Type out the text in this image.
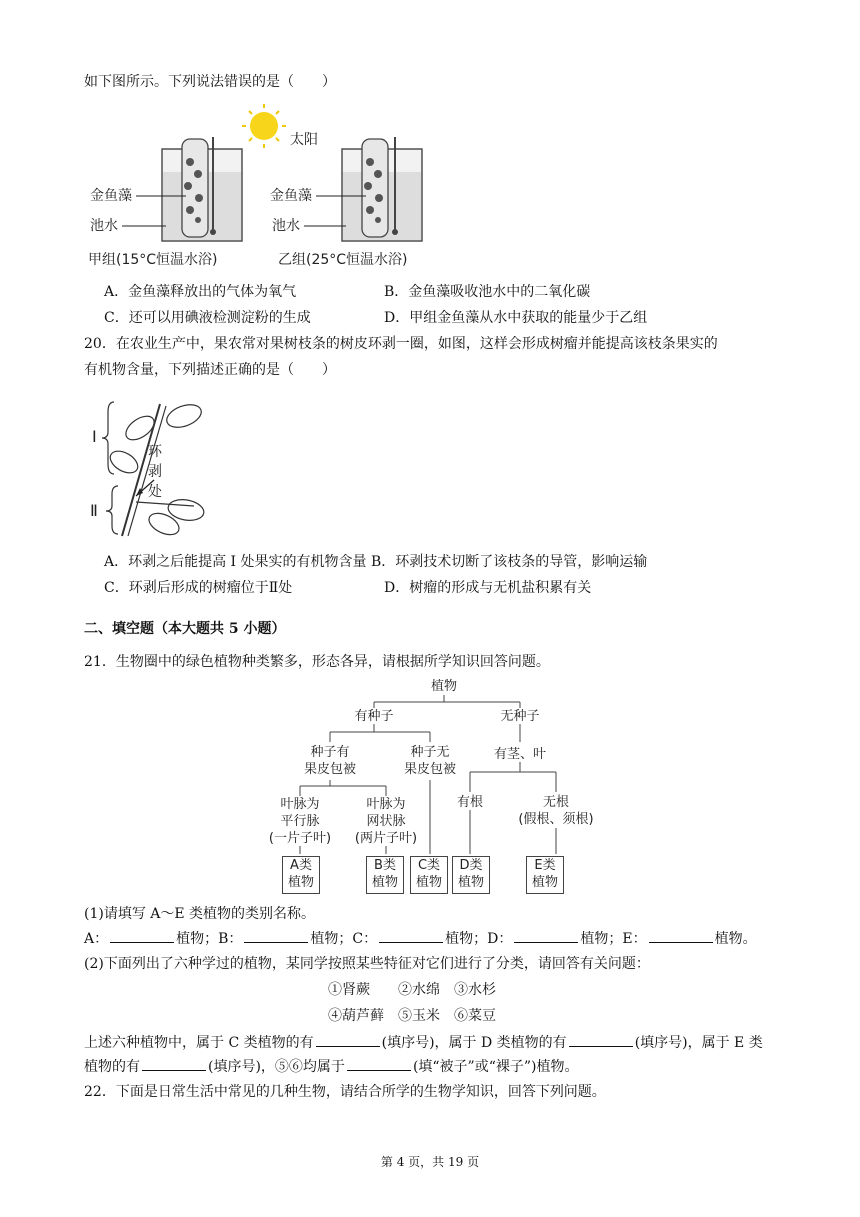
如下图所示。下列说法错误的是（　　）
太阳
金鱼藻
池水
甲组(15°C恒温水浴)
金鱼藻
池水
乙组(25°C恒温水浴)
A．金鱼藻释放出的气体为氧气	B．金鱼藻吸收池水中的二氧化碳
C．还可以用碘液检测淀粉的生成	D．甲组金鱼藻从水中获取的能量少于乙组
20．在农业生产中，果农常对果树枝条的树皮环剥一圈，如图，这样会形成树瘤并能提高该枝条果实的
有机物含量，下列描述正确的是（　　）
Ⅰ
Ⅱ
环
剥
处
A．环剥之后能提高 I 处果实的有机物含量 B．环剥技术切断了该枝条的导管，影响运输
C．环剥后形成的树瘤位于Ⅱ处	D．树瘤的形成与无机盐积累有关
二、填空题（本大题共 5 小题）
21．生物圈中的绿色植物种类繁多，形态各异，请根据所学知识回答问题。
植物
有种子	无种子
种子有
果皮包被
种子无
果皮包被
有茎、叶
叶脉为
平行脉
(一片子叶)
叶脉为
网状脉
(两片子叶)
有根	无根
(假根、须根)
A类
植物
B类
植物
C类
植物
D类
植物
E类
植物
(1)请填写 A～E 类植物的类别名称。
A：	植物；B：	植物；C：	植物；D：	植物；E：	植物。
(2)下面列出了六种学过的植物，某同学按照某些特征对它们进行了分类，请回答有关问题：
①肾蕨　　②水绵　③水杉
④葫芦藓　⑤玉米　⑥菜豆
上述六种植物中，属于 C 类植物的有	(填序号)，属于 D 类植物的有	(填序号)，属于 E 类
植物的有	(填序号)，⑤⑥均属于	(填“被子”或“裸子”)植物。
22．下面是日常生活中常见的几种生物，请结合所学的生物学知识，回答下列问题。
第 4 页，共 19 页
